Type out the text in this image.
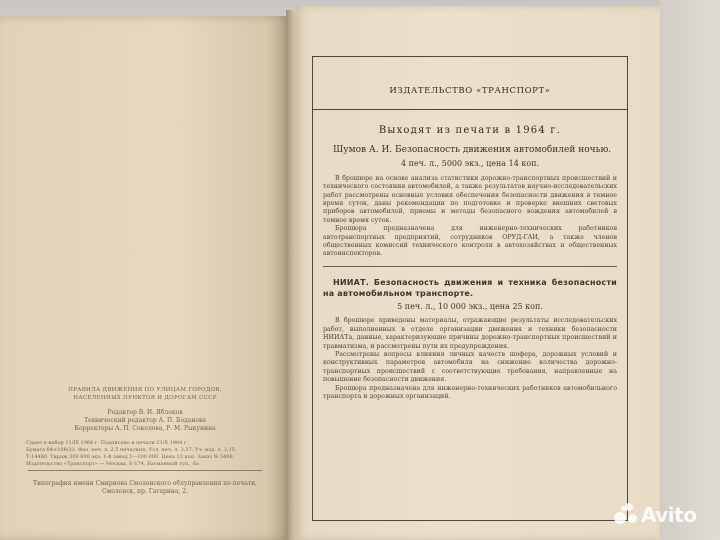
ПРАВИЛА ДВИЖЕНИЯ ПО УЛИЦАМ ГОРОДОВ,
НАСЕЛЕННЫХ ПУНКТОВ И ДОРОГАМ СССР
Редактор В. И. Яблоков
Технический редактор А. П. Боданова
Корректоры А. П. Соколова, Р. М. Рыкунина
Сдано в набор 11/IX 1964 г. Подписано к печати 21/X 1964 г.
Бумага 84×108/32. Физ. печ. л. 2,5 печатных. Усл. печ. л. 3,37. Уч.-изд. л. 3,15
Т-14480. Тираж 300 000 экз. 1-й завод 1—100 000. Цена 13 коп. Заказ № 5498.
Издательство «Транспорт» — Москва, Б-174, Басманный туп., 6а
Типография имени Смирнова Смоленского облуправления по печати,
Смоленск, пр. Гагарина, 2.
ИЗДАТЕЛЬСТВО «ТРАНСПОРТ»
Выходят из печати в 1964 г.
Шумов А. И. Безопасность движения автомобилей ночью.
4 печ. л., 5000 экз., цена 14 коп.

В брошюре на основе анализа статистики дорожно-транспортных происшествий и технического состояния автомобилей, а также результатов научно-исследовательских работ рассмотрены основные условия обеспечения безопасности движения в темное время суток, даны рекомендации по подготовке и проверке внешних световых приборов автомобилей, приемы и методы безопасного вождения автомобилей в темное время суток.

Брошюра предназначена для инженерно-технических работников автотранспортных предприятий, сотрудников ОРУД-ГАИ, а также членов общественных комиссий технического контроля в автохозяйствах и общественных автоинспекторов.

НИИАТ. Безопасность движения и техника безопасности на автомобильном транспорте.
5 печ. л., 10 000 экз., цена 25 коп.

В брошюре приведены материалы, отражающие результаты исследовательских работ, выполненных в отделе организации движения и техники безопасности НИИАТа, данные, характеризующие причины дорожно-транспортных происшествий и травматизма, и рассмотрены пути их предупреждения.

Рассмотрены вопросы влияния личных качеств шофера, дорожных условий и конструктивных параметров автомобиля на снижение количества дорожно-транспортных происшествий с соответствующие требования, направленные на повышение безопасности движения.

Брошюра предназначена для инженерно-технических работников автомобильного транспорта и дорожных организаций.

Avito
